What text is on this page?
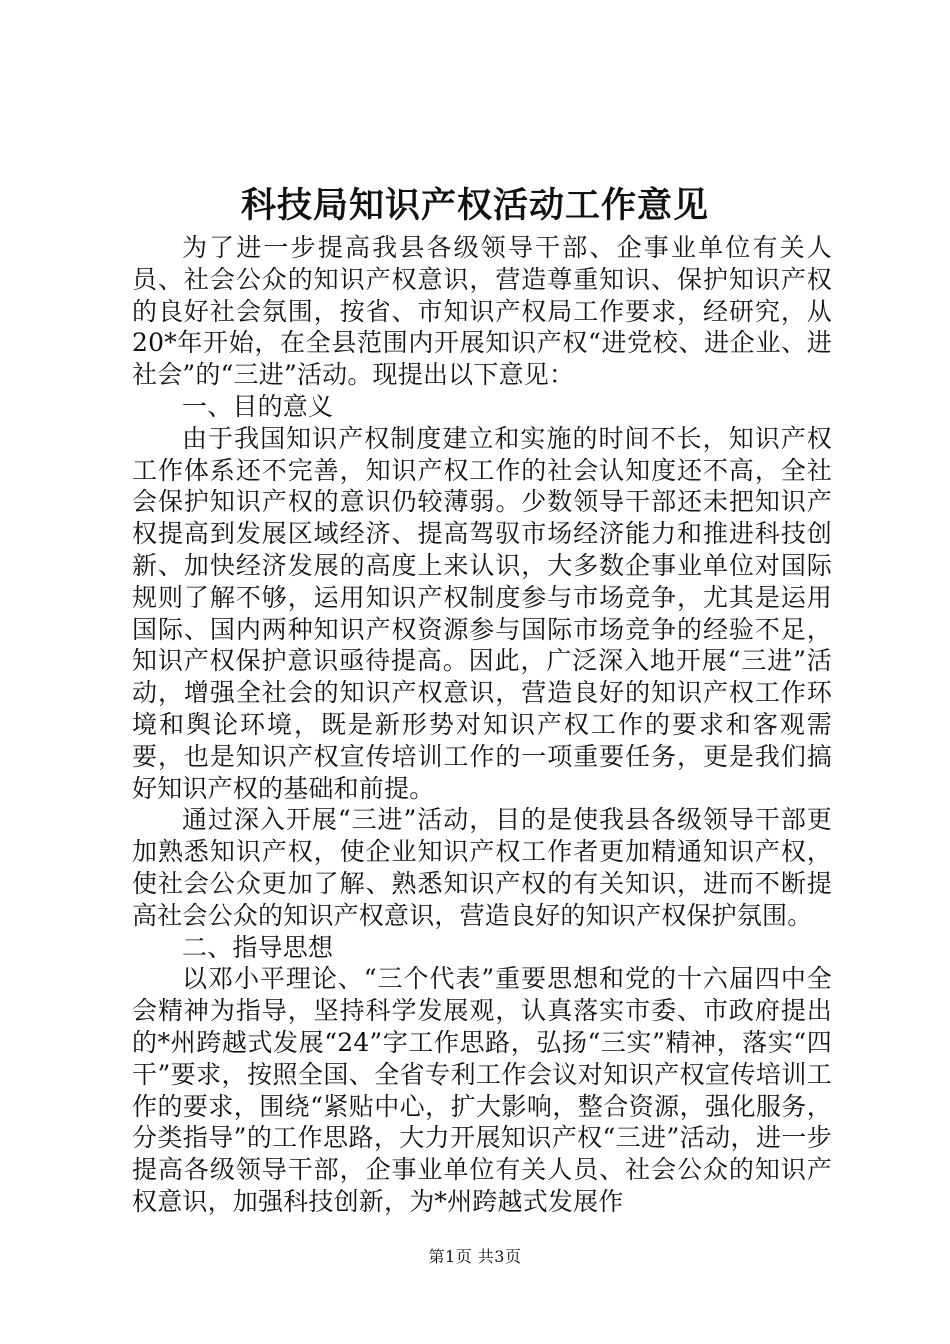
科技局知识产权活动工作意见

为了进一步提高我县各级领导干部、企事业单位有关人员、社会公众的知识产权意识，营造尊重知识、保护知识产权的良好社会氛围，按省、市知识产权局工作要求，经研究，从20*年开始，在全县范围内开展知识产权“进党校、进企业、进社会”的“三进”活动。现提出以下意见：

一、目的意义

由于我国知识产权制度建立和实施的时间不长，知识产权工作体系还不完善，知识产权工作的社会认知度还不高，全社会保护知识产权的意识仍较薄弱。少数领导干部还未把知识产权提高到发展区域经济、提高驾驭市场经济能力和推进科技创新、加快经济发展的高度上来认识，大多数企事业单位对国际规则了解不够，运用知识产权制度参与市场竞争，尤其是运用国际、国内两种知识产权资源参与国际市场竞争的经验不足，知识产权保护意识亟待提高。因此，广泛深入地开展“三进”活动，增强全社会的知识产权意识，营造良好的知识产权工作环境和舆论环境，既是新形势对知识产权工作的要求和客观需要，也是知识产权宣传培训工作的一项重要任务，更是我们搞好知识产权的基础和前提。

通过深入开展“三进”活动，目的是使我县各级领导干部更加熟悉知识产权，使企业知识产权工作者更加精通知识产权，使社会公众更加了解、熟悉知识产权的有关知识，进而不断提高社会公众的知识产权意识，营造良好的知识产权保护氛围。

二、指导思想

以邓小平理论、“三个代表”重要思想和党的十六届四中全会精神为指导，坚持科学发展观，认真落实市委、市政府提出的*州跨越式发展“24”字工作思路，弘扬“三实”精神，落实“四干”要求，按照全国、全省专利工作会议对知识产权宣传培训工作的要求，围绕“紧贴中心，扩大影响，整合资源，强化服务，分类指导”的工作思路，大力开展知识产权“三进”活动，进一步提高各级领导干部，企事业单位有关人员、社会公众的知识产权意识，加强科技创新，为*州跨越式发展作

第1页 共3页
